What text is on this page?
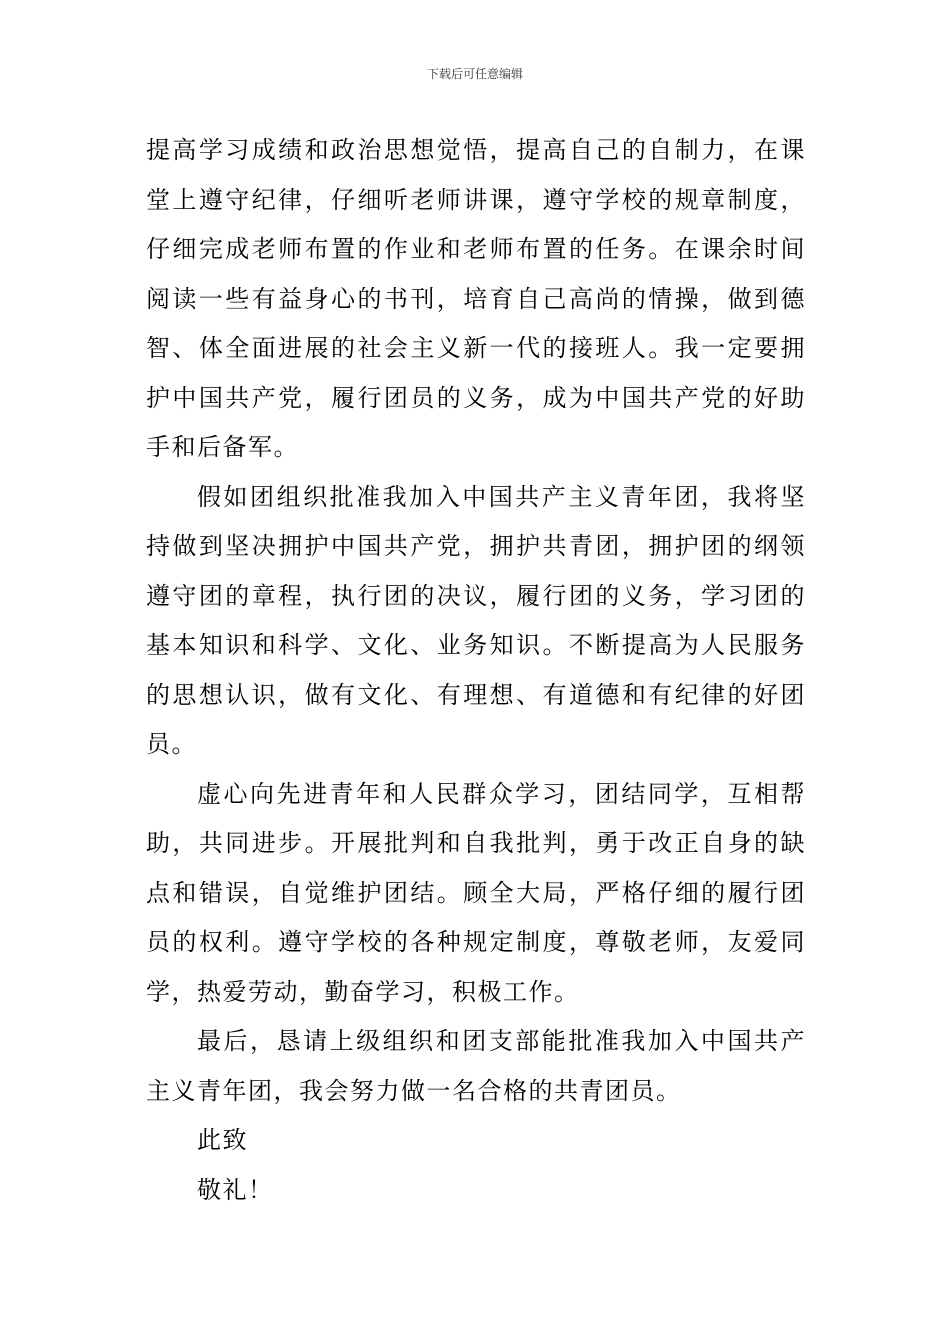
下载后可任意编辑

提高学习成绩和政治思想觉悟，提高自己的自制力，在课堂上遵守纪律，仔细听老师讲课，遵守学校的规章制度，仔细完成老师布置的作业和老师布置的任务。在课余时间阅读一些有益身心的书刊，培育自己高尚的情操，做到德智、体全面进展的社会主义新一代的接班人。我一定要拥护中国共产党，履行团员的义务，成为中国共产党的好助手和后备军。

假如团组织批准我加入中国共产主义青年团，我将坚持做到坚决拥护中国共产党，拥护共青团，拥护团的纲领遵守团的章程，执行团的决议，履行团的义务，学习团的基本知识和科学、文化、业务知识。不断提高为人民服务的思想认识，做有文化、有理想、有道德和有纪律的好团员。

虚心向先进青年和人民群众学习，团结同学，互相帮助，共同进步。开展批判和自我批判，勇于改正自身的缺点和错误，自觉维护团结。顾全大局，严格仔细的履行团员的权利。遵守学校的各种规定制度，尊敬老师，友爱同学，热爱劳动，勤奋学习，积极工作。

最后，恳请上级组织和团支部能批准我加入中国共产主义青年团，我会努力做一名合格的共青团员。

此致

敬礼！
